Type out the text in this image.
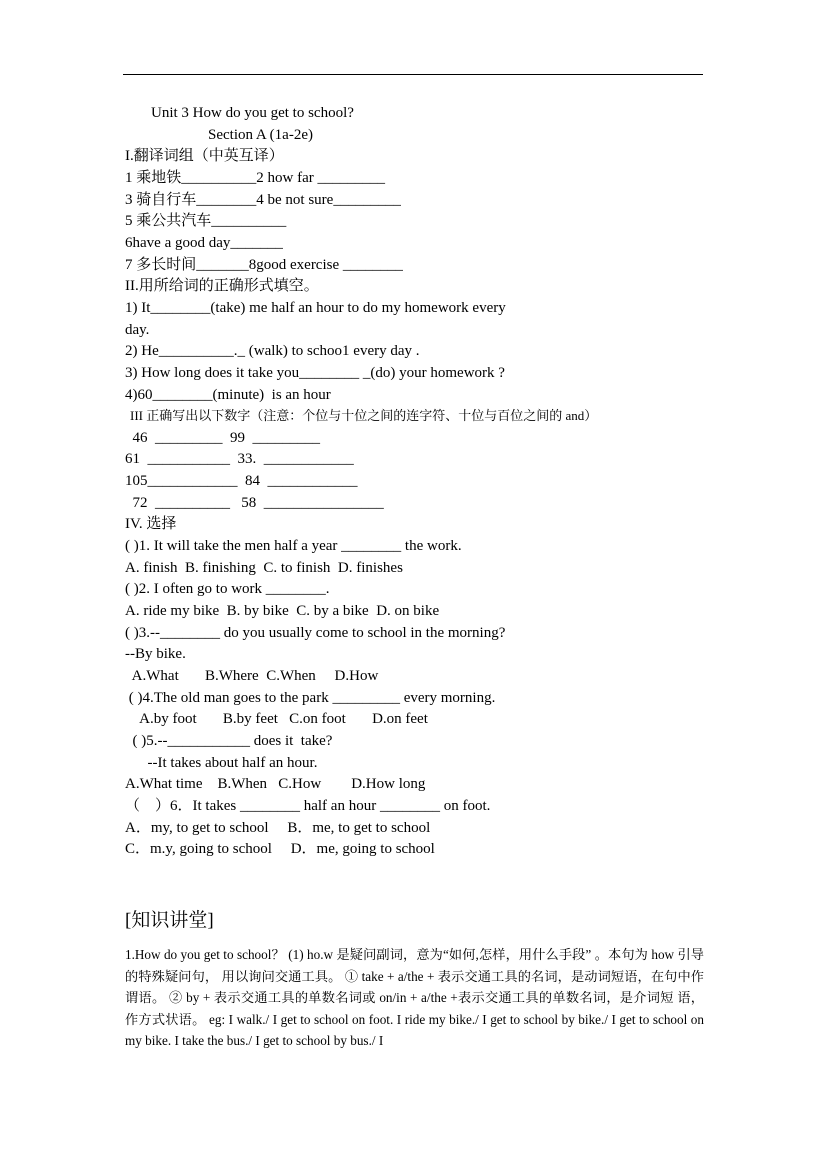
Unit 3 How do you get to school?
Section A (1a-2e)
I.翻译词组（中英互译）
1 乘地铁__________2 how far _________
3 骑自行车________4 be not sure_________
5 乘公共汽车__________
6have a good day_______
7 多长时间_______8good exercise ________
II.用所给词的正确形式填空。
1) It________(take) me half an hour to do my homework every
day.
2) He__________._ (walk) to schoo1 every day .
3) How long does it take you________ _(do) your homework ?
4)60________(minute)  is an hour
III 正确写出以下数字（注意：个位与十位之间的连字符、十位与百位之间的 and）
46  _________  99  _________
61  ___________  33.  ____________
105____________  84  ____________
72  __________   58  ________________
IV. 选择
( )1. It will take the men half a year ________ the work.
A. finish  B. finishing  C. to finish  D. finishes
( )2. I often go to work ________.
A. ride my bike  B. by bike  C. by a bike  D. on bike
( )3.--________ do you usually come to school in the morning?
--By bike.
A.What       B.Where  C.When     D.How
( )4.The old man goes to the park _________ every morning.
A.by foot       B.by feet   C.on foot       D.on feet
( )5.--___________ does it  take?
--It takes about half an hour.
A.What time    B.When   C.How        D.How long
（    ）6．It takes ________ half an hour ________ on foot.
A．my, to get to school     B．me, to get to school
C．m.y, going to school     D．me, going to school
[知识讲堂]
1.How do you get to school？ (1) ho.w 是疑问副词，意为“如何,怎样，用什么手段” 。本句为 how 引导的特殊疑问句， 用以询问交通工具。 ① take + a/the + 表示交通工具的名词，是动词短语，在句中作谓语。 ② by + 表示交通工具的单数名词或 on/in + a/the +表示交通工具的单数名词，是介词短 语，作方式状语。 eg: I walk./ I get to school on foot. I ride my bike./ I get to school by bike./ I get to school on my bike. I take the bus./ I get to school by bus./ I
